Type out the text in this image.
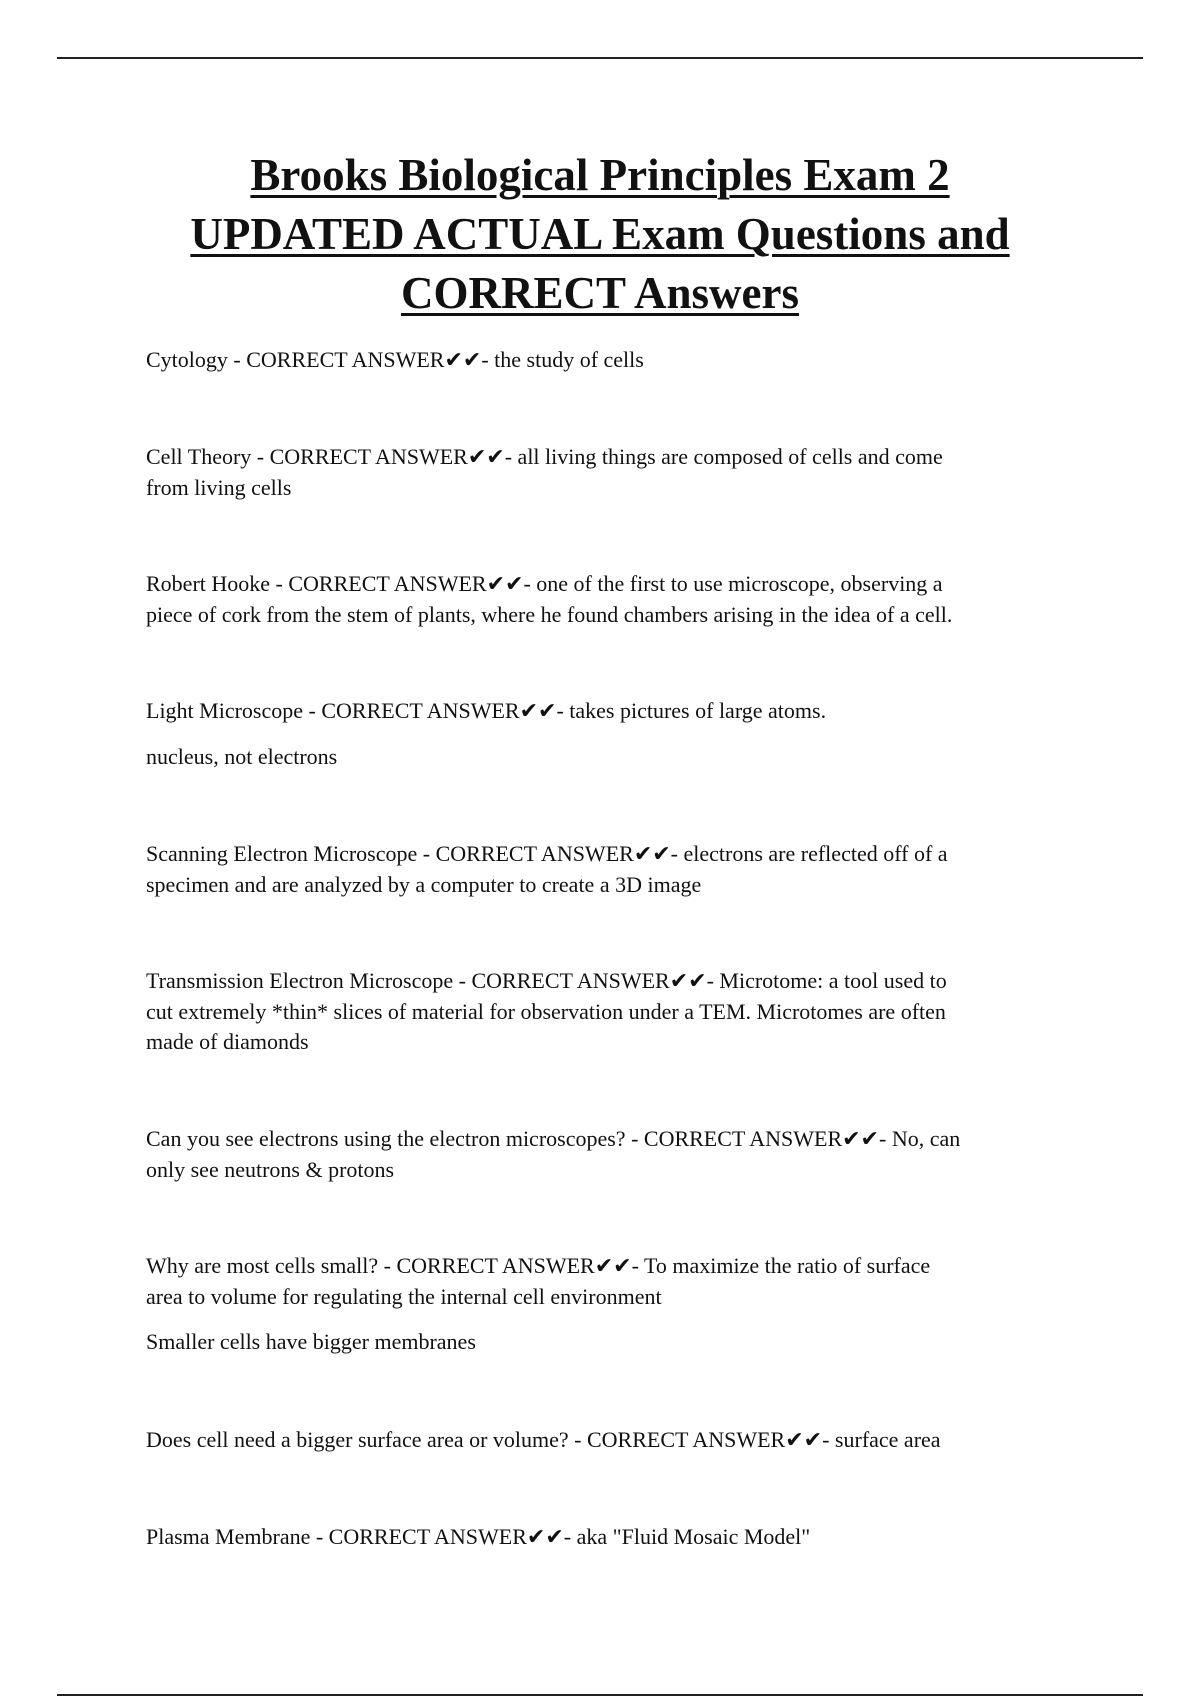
Brooks Biological Principles Exam 2
UPDATED ACTUAL Exam Questions and
CORRECT Answers
Cytology - CORRECT ANSWER✔✔- the study of cells
Cell Theory - CORRECT ANSWER✔✔- all living things are composed of cells and come
from living cells
Robert Hooke - CORRECT ANSWER✔✔- one of the first to use microscope, observing a
piece of cork from the stem of plants, where he found chambers arising in the idea of a cell.
Light Microscope - CORRECT ANSWER✔✔- takes pictures of large atoms.
nucleus, not electrons
Scanning Electron Microscope - CORRECT ANSWER✔✔- electrons are reflected off of a
specimen and are analyzed by a computer to create a 3D image
Transmission Electron Microscope - CORRECT ANSWER✔✔- Microtome: a tool used to
cut extremely *thin* slices of material for observation under a TEM. Microtomes are often
made of diamonds
Can you see electrons using the electron microscopes? - CORRECT ANSWER✔✔- No, can
only see neutrons & protons
Why are most cells small? - CORRECT ANSWER✔✔- To maximize the ratio of surface
area to volume for regulating the internal cell environment
Smaller cells have bigger membranes
Does cell need a bigger surface area or volume? - CORRECT ANSWER✔✔- surface area
Plasma Membrane - CORRECT ANSWER✔✔- aka "Fluid Mosaic Model"
